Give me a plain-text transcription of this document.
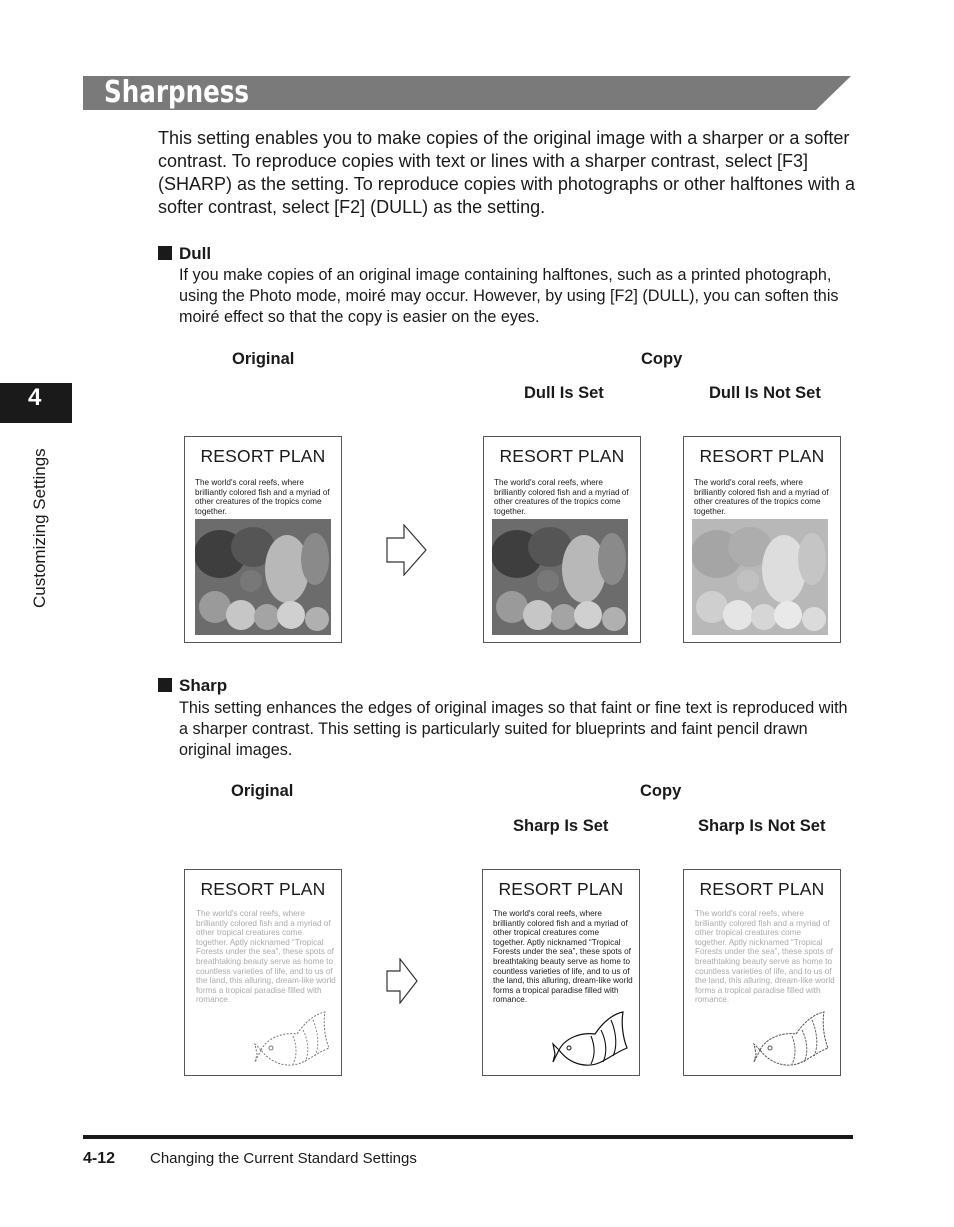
Sharpness
This setting enables you to make copies of the original image with a sharper or a softer contrast. To reproduce copies with text or lines with a sharper contrast, select [F3] (SHARP) as the setting. To reproduce copies with photographs or other halftones with a softer contrast, select [F2] (DULL) as the setting.
4
Customizing Settings
Dull
If you make copies of an original image containing halftones, such as a printed photograph, using the Photo mode, moiré may occur. However, by using [F2] (DULL), you can soften this moiré effect so that the copy is easier on the eyes.
Original	Copy
Dull Is Set	Dull Is Not Set
RESORT PLAN
The world's coral reefs, where brilliantly colored fish and a myriad of other creatures of the tropics come together.
RESORT PLAN
The world's coral reefs, where brilliantly colored fish and a myriad of other creatures of the tropics come together.
RESORT PLAN
The world's coral reefs, where brilliantly colored fish and a myriad of other creatures of the tropics come together.
Sharp
This setting enhances the edges of original images so that faint or fine text is reproduced with a sharper contrast. This setting is particularly suited for blueprints and faint pencil drawn original images.
Original	Copy
Sharp Is Set	Sharp Is Not Set
RESORT PLAN
The world's coral reefs, where brilliantly colored fish and a myriad of other tropical creatures come together. Aptly nicknamed “Tropical Forests under the sea”, these spots of breathtaking beauty serve as home to countless varieties of life, and to us of the land, this alluring, dream-like world forms a tropical paradise filled with romance.
RESORT PLAN
The world's coral reefs, where brilliantly colored fish and a myriad of other tropical creatures come together. Aptly nicknamed “Tropical Forests under the sea”, these spots of breathtaking beauty serve as home to countless varieties of life, and to us of the land, this alluring, dream-like world forms a tropical paradise filled with romance.
RESORT PLAN
The world's coral reefs, where brilliantly colored fish and a myriad of other tropical creatures come together. Aptly nicknamed “Tropical Forests under the sea”, these spots of breathtaking beauty serve as home to countless varieties of life, and to us of the land, this alluring, dream-like world forms a tropical paradise filled with romance.
4-12 Changing the Current Standard Settings
